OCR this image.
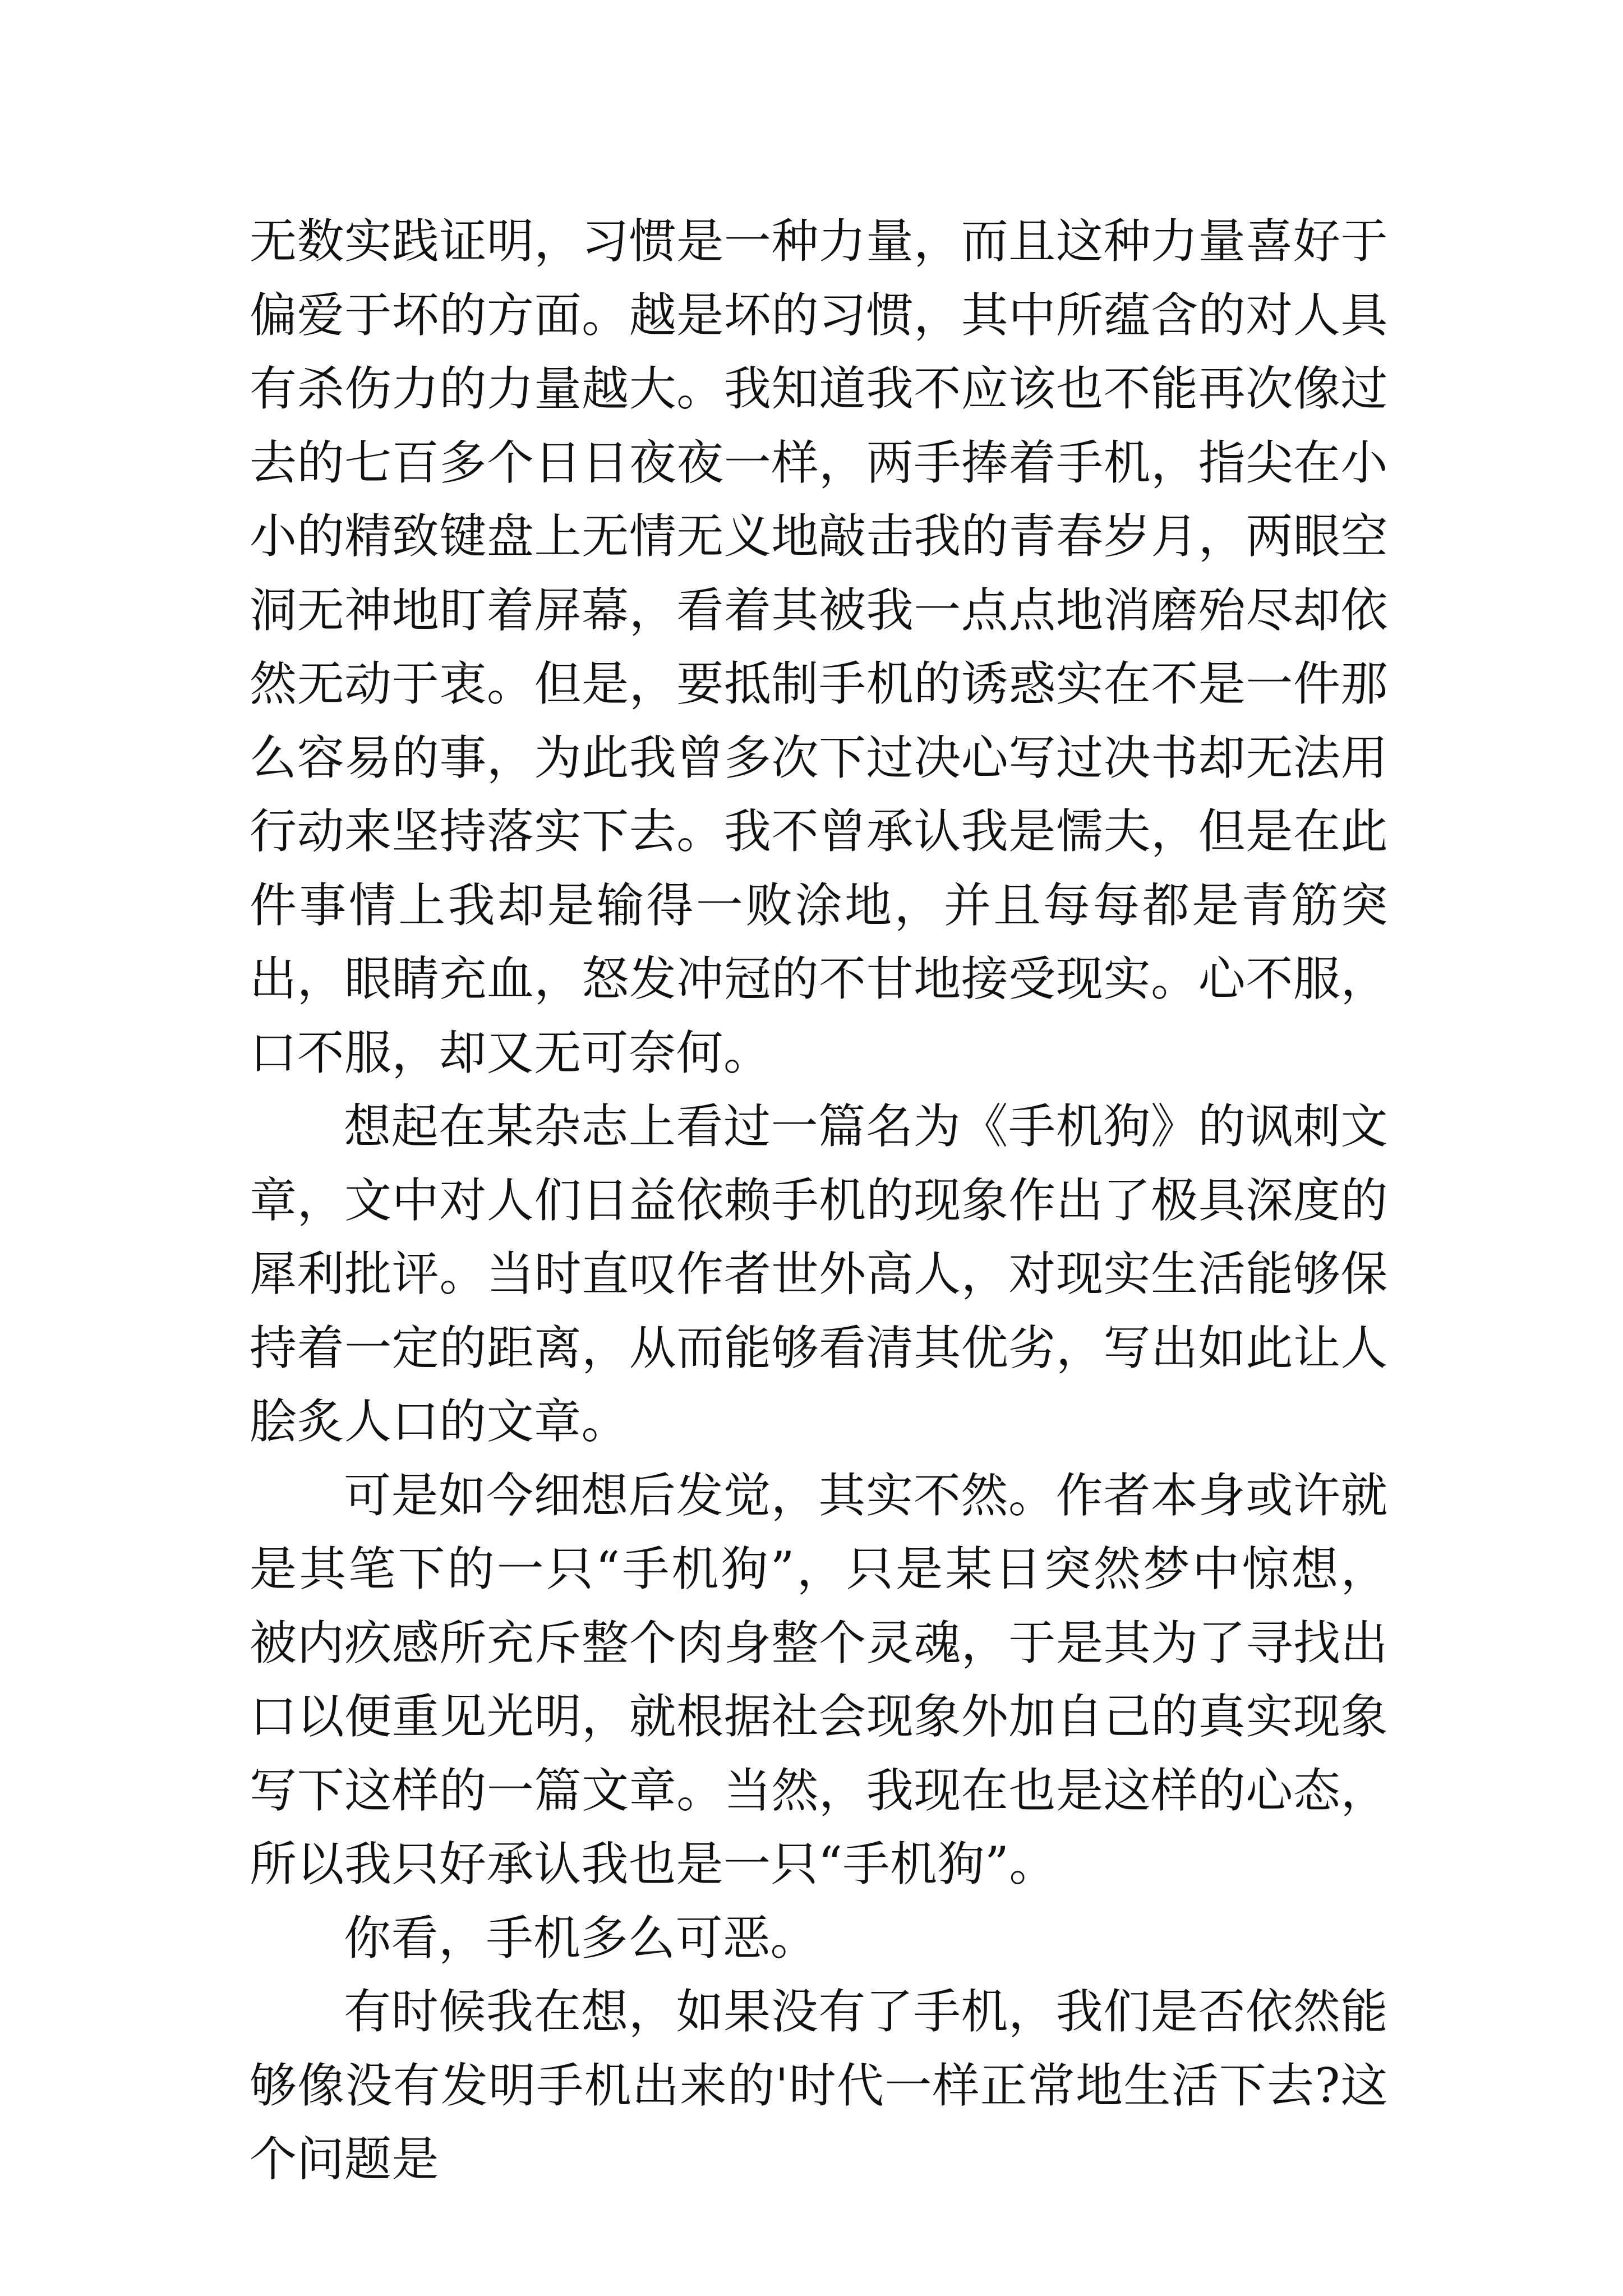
无数实践证明，习惯是一种力量，而且这种力量喜好于偏爱于坏的方面。越是坏的习惯，其中所蕴含的对人具有杀伤力的力量越大。我知道我不应该也不能再次像过去的七百多个日日夜夜一样，两手捧着手机，指尖在小小的精致键盘上无情无义地敲击我的青春岁月，两眼空洞无神地盯着屏幕，看着其被我一点点地消磨殆尽却依然无动于衷。但是，要抵制手机的诱惑实在不是一件那么容易的事，为此我曾多次下过决心写过决书却无法用行动来坚持落实下去。我不曾承认我是懦夫，但是在此件事情上我却是输得一败涂地，并且每每都是青筋突出，眼睛充血，怒发冲冠的不甘地接受现实。心不服，口不服，却又无可奈何。

想起在某杂志上看过一篇名为《手机狗》的讽刺文章，文中对人们日益依赖手机的现象作出了极具深度的犀利批评。当时直叹作者世外高人，对现实生活能够保持着一定的距离，从而能够看清其优劣，写出如此让人脍炙人口的文章。

可是如今细想后发觉，其实不然。作者本身或许就是其笔下的一只“手机狗”，只是某日突然梦中惊想，被内疚感所充斥整个肉身整个灵魂，于是其为了寻找出口以便重见光明，就根据社会现象外加自己的真实现象写下这样的一篇文章。当然，我现在也是这样的心态，所以我只好承认我也是一只“手机狗”。

你看，手机多么可恶。

有时候我在想，如果没有了手机，我们是否依然能够像没有发明手机出来的'时代一样正常地生活下去?这个问题是
